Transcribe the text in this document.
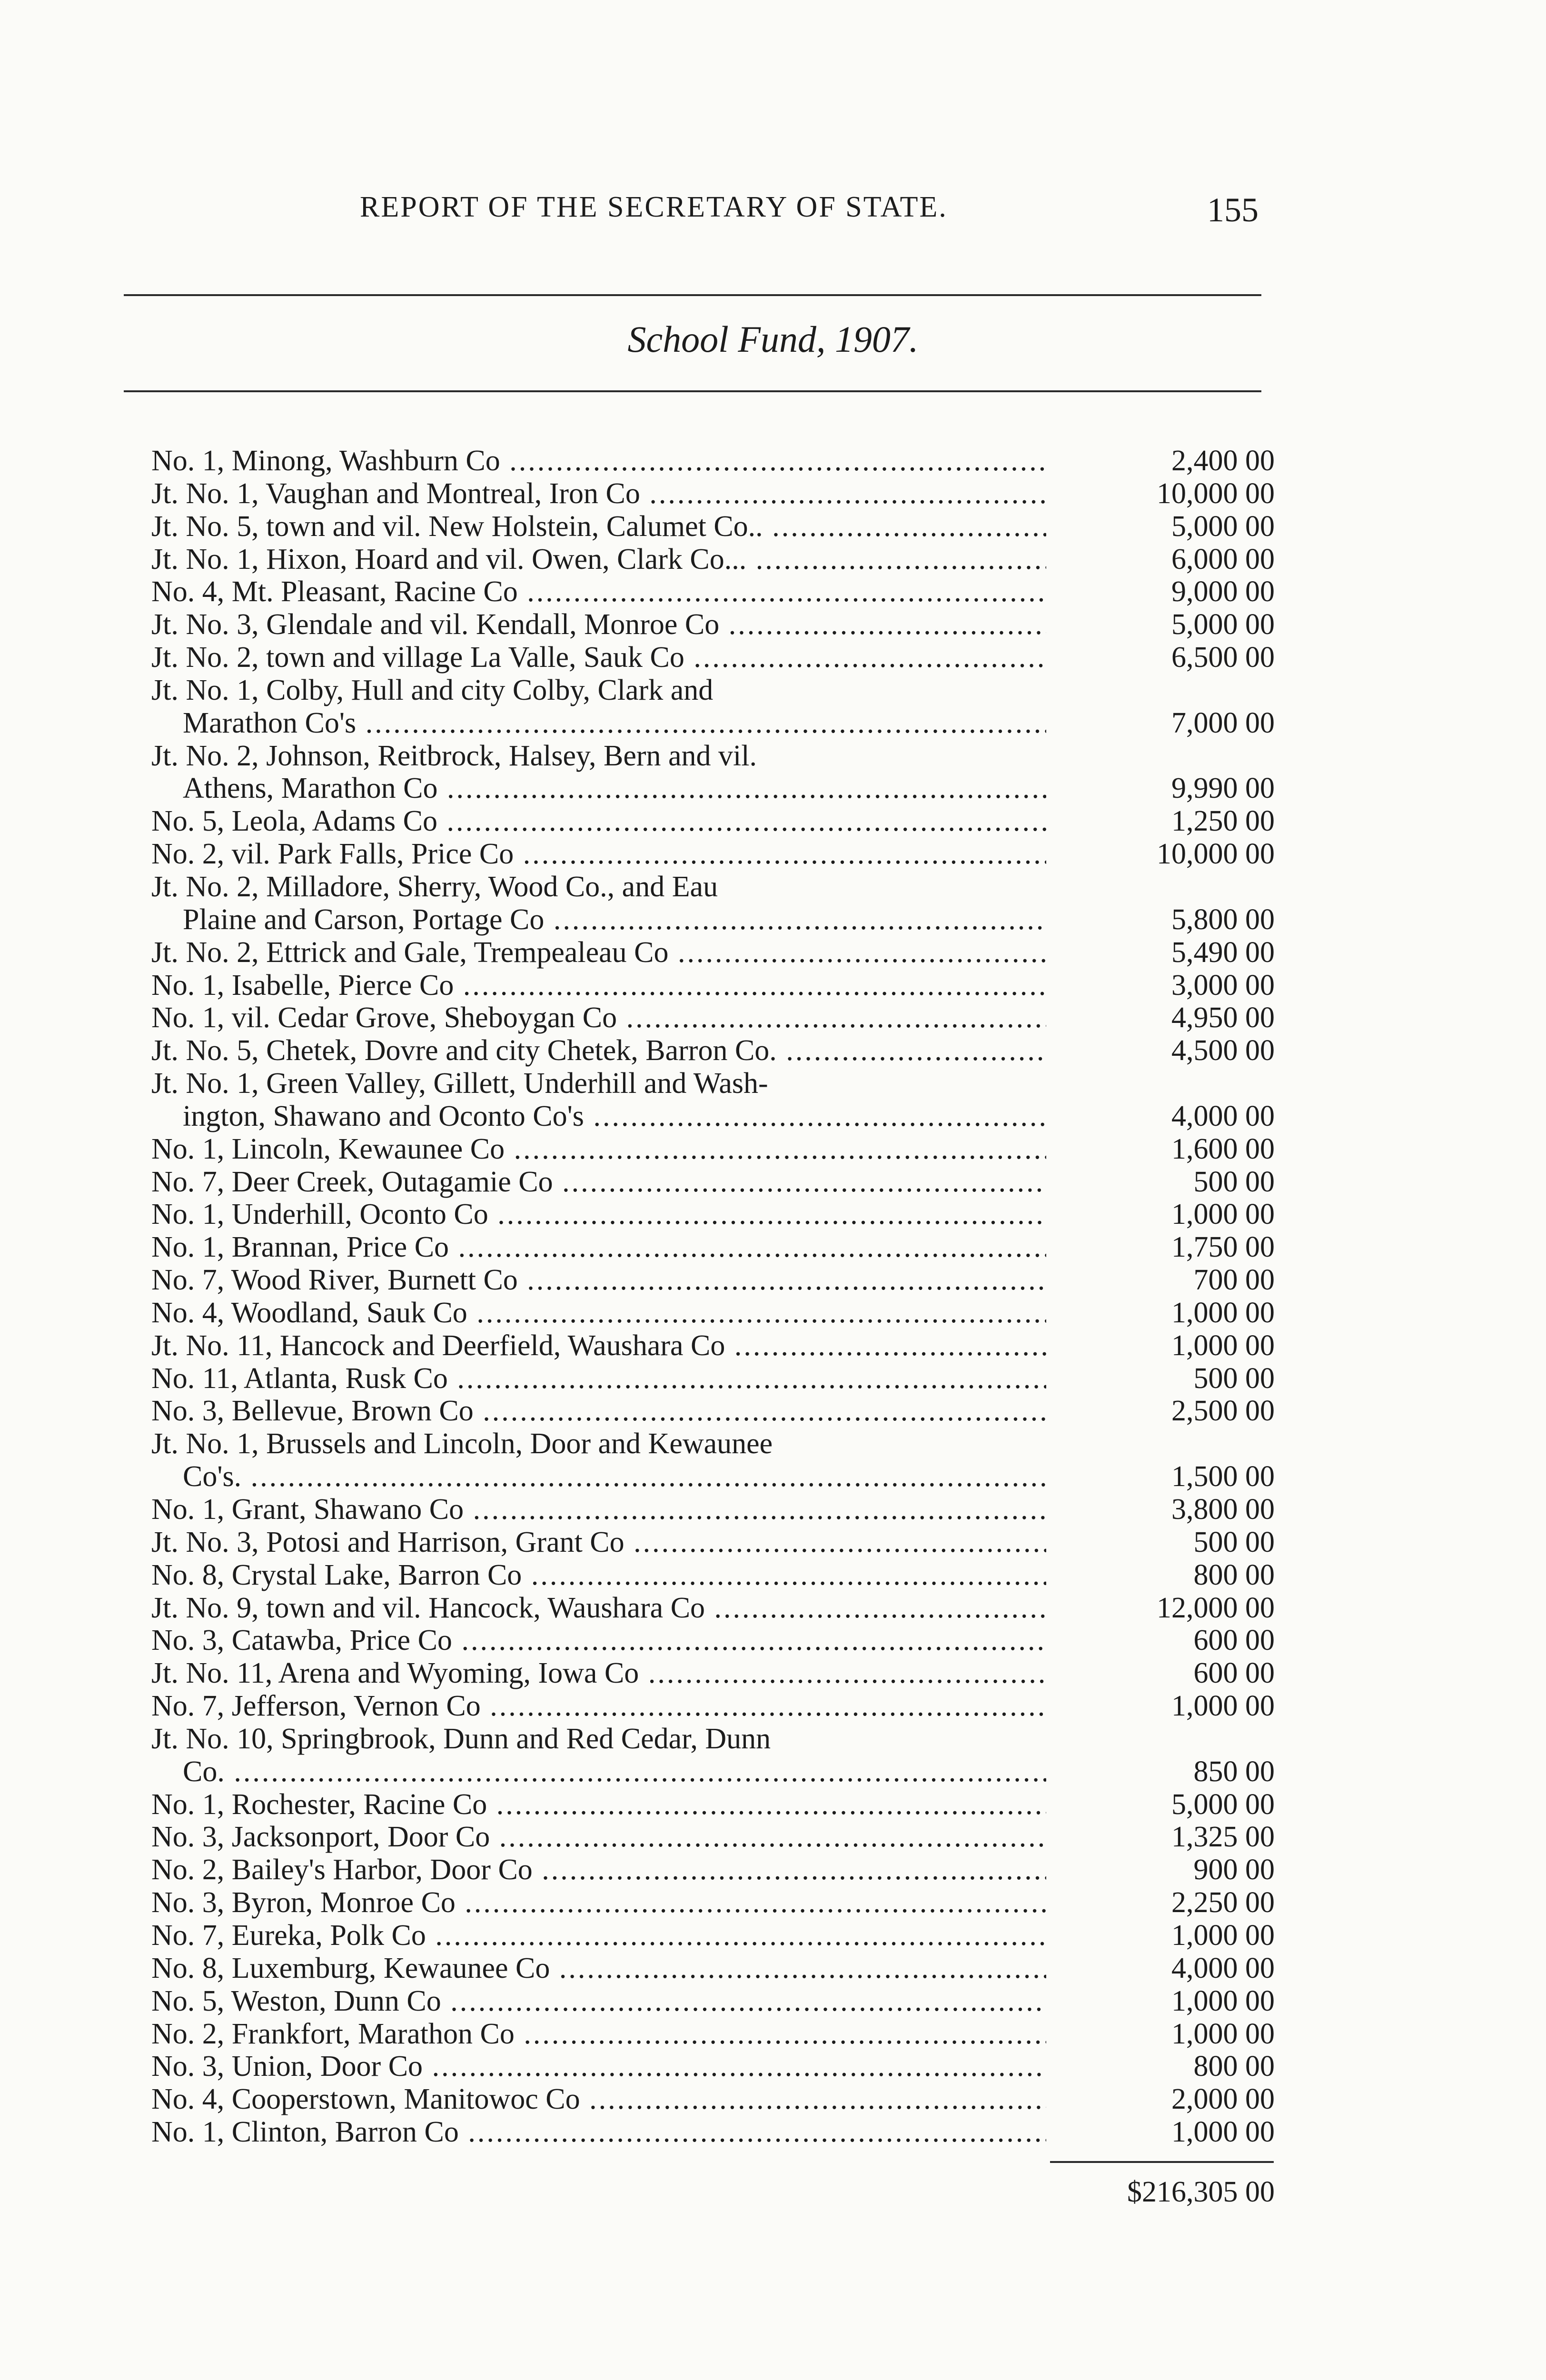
REPORT OF THE SECRETARY OF STATE.	155
School Fund, 1907.
No. 1, Minong, Washburn Co .....	2,400 00
Jt. No. 1, Vaughan and Montreal, Iron Co .....	10,000 00
Jt. No. 5, town and vil. New Holstein, Calumet Co.. .....	5,000 00
Jt. No. 1, Hixon, Hoard and vil. Owen, Clark Co... .....	6,000 00
No. 4, Mt. Pleasant, Racine Co .....	9,000 00
Jt. No. 3, Glendale and vil. Kendall, Monroe Co .....	5,000 00
Jt. No. 2, town and village La Valle, Sauk Co .....	6,500 00
Jt. No. 1, Colby, Hull and city Colby, Clark and
Marathon Co's .....	7,000 00
Jt. No. 2, Johnson, Reitbrock, Halsey, Bern and vil.
Athens, Marathon Co .....	9,990 00
No. 5, Leola, Adams Co .....	1,250 00
No. 2, vil. Park Falls, Price Co .....	10,000 00
Jt. No. 2, Milladore, Sherry, Wood Co., and Eau
Plaine and Carson, Portage Co .....	5,800 00
Jt. No. 2, Ettrick and Gale, Trempealeau Co .....	5,490 00
No. 1, Isabelle, Pierce Co .....	3,000 00
No. 1, vil. Cedar Grove, Sheboygan Co .....	4,950 00
Jt. No. 5, Chetek, Dovre and city Chetek, Barron Co. .....	4,500 00
Jt. No. 1, Green Valley, Gillett, Underhill and Wash-
ington, Shawano and Oconto Co's .....	4,000 00
No. 1, Lincoln, Kewaunee Co .....	1,600 00
No. 7, Deer Creek, Outagamie Co .....	500 00
No. 1, Underhill, Oconto Co .....	1,000 00
No. 1, Brannan, Price Co .....	1,750 00
No. 7, Wood River, Burnett Co .....	700 00
No. 4, Woodland, Sauk Co .....	1,000 00
Jt. No. 11, Hancock and Deerfield, Waushara Co .....	1,000 00
No. 11, Atlanta, Rusk Co .....	500 00
No. 3, Bellevue, Brown Co .....	2,500 00
Jt. No. 1, Brussels and Lincoln, Door and Kewaunee
Co's. .....	1,500 00
No. 1, Grant, Shawano Co .....	3,800 00
Jt. No. 3, Potosi and Harrison, Grant Co .....	500 00
No. 8, Crystal Lake, Barron Co .....	800 00
Jt. No. 9, town and vil. Hancock, Waushara Co .....	12,000 00
No. 3, Catawba, Price Co .....	600 00
Jt. No. 11, Arena and Wyoming, Iowa Co .....	600 00
No. 7, Jefferson, Vernon Co .....	1,000 00
Jt. No. 10, Springbrook, Dunn and Red Cedar, Dunn
Co. .....	850 00
No. 1, Rochester, Racine Co .....	5,000 00
No. 3, Jacksonport, Door Co .....	1,325 00
No. 2, Bailey's Harbor, Door Co .....	900 00
No. 3, Byron, Monroe Co .....	2,250 00
No. 7, Eureka, Polk Co .....	1,000 00
No. 8, Luxemburg, Kewaunee Co .....	4,000 00
No. 5, Weston, Dunn Co .....	1,000 00
No. 2, Frankfort, Marathon Co .....	1,000 00
No. 3, Union, Door Co .....	800 00
No. 4, Cooperstown, Manitowoc Co .....	2,000 00
No. 1, Clinton, Barron Co .....	1,000 00
$216,305 00
